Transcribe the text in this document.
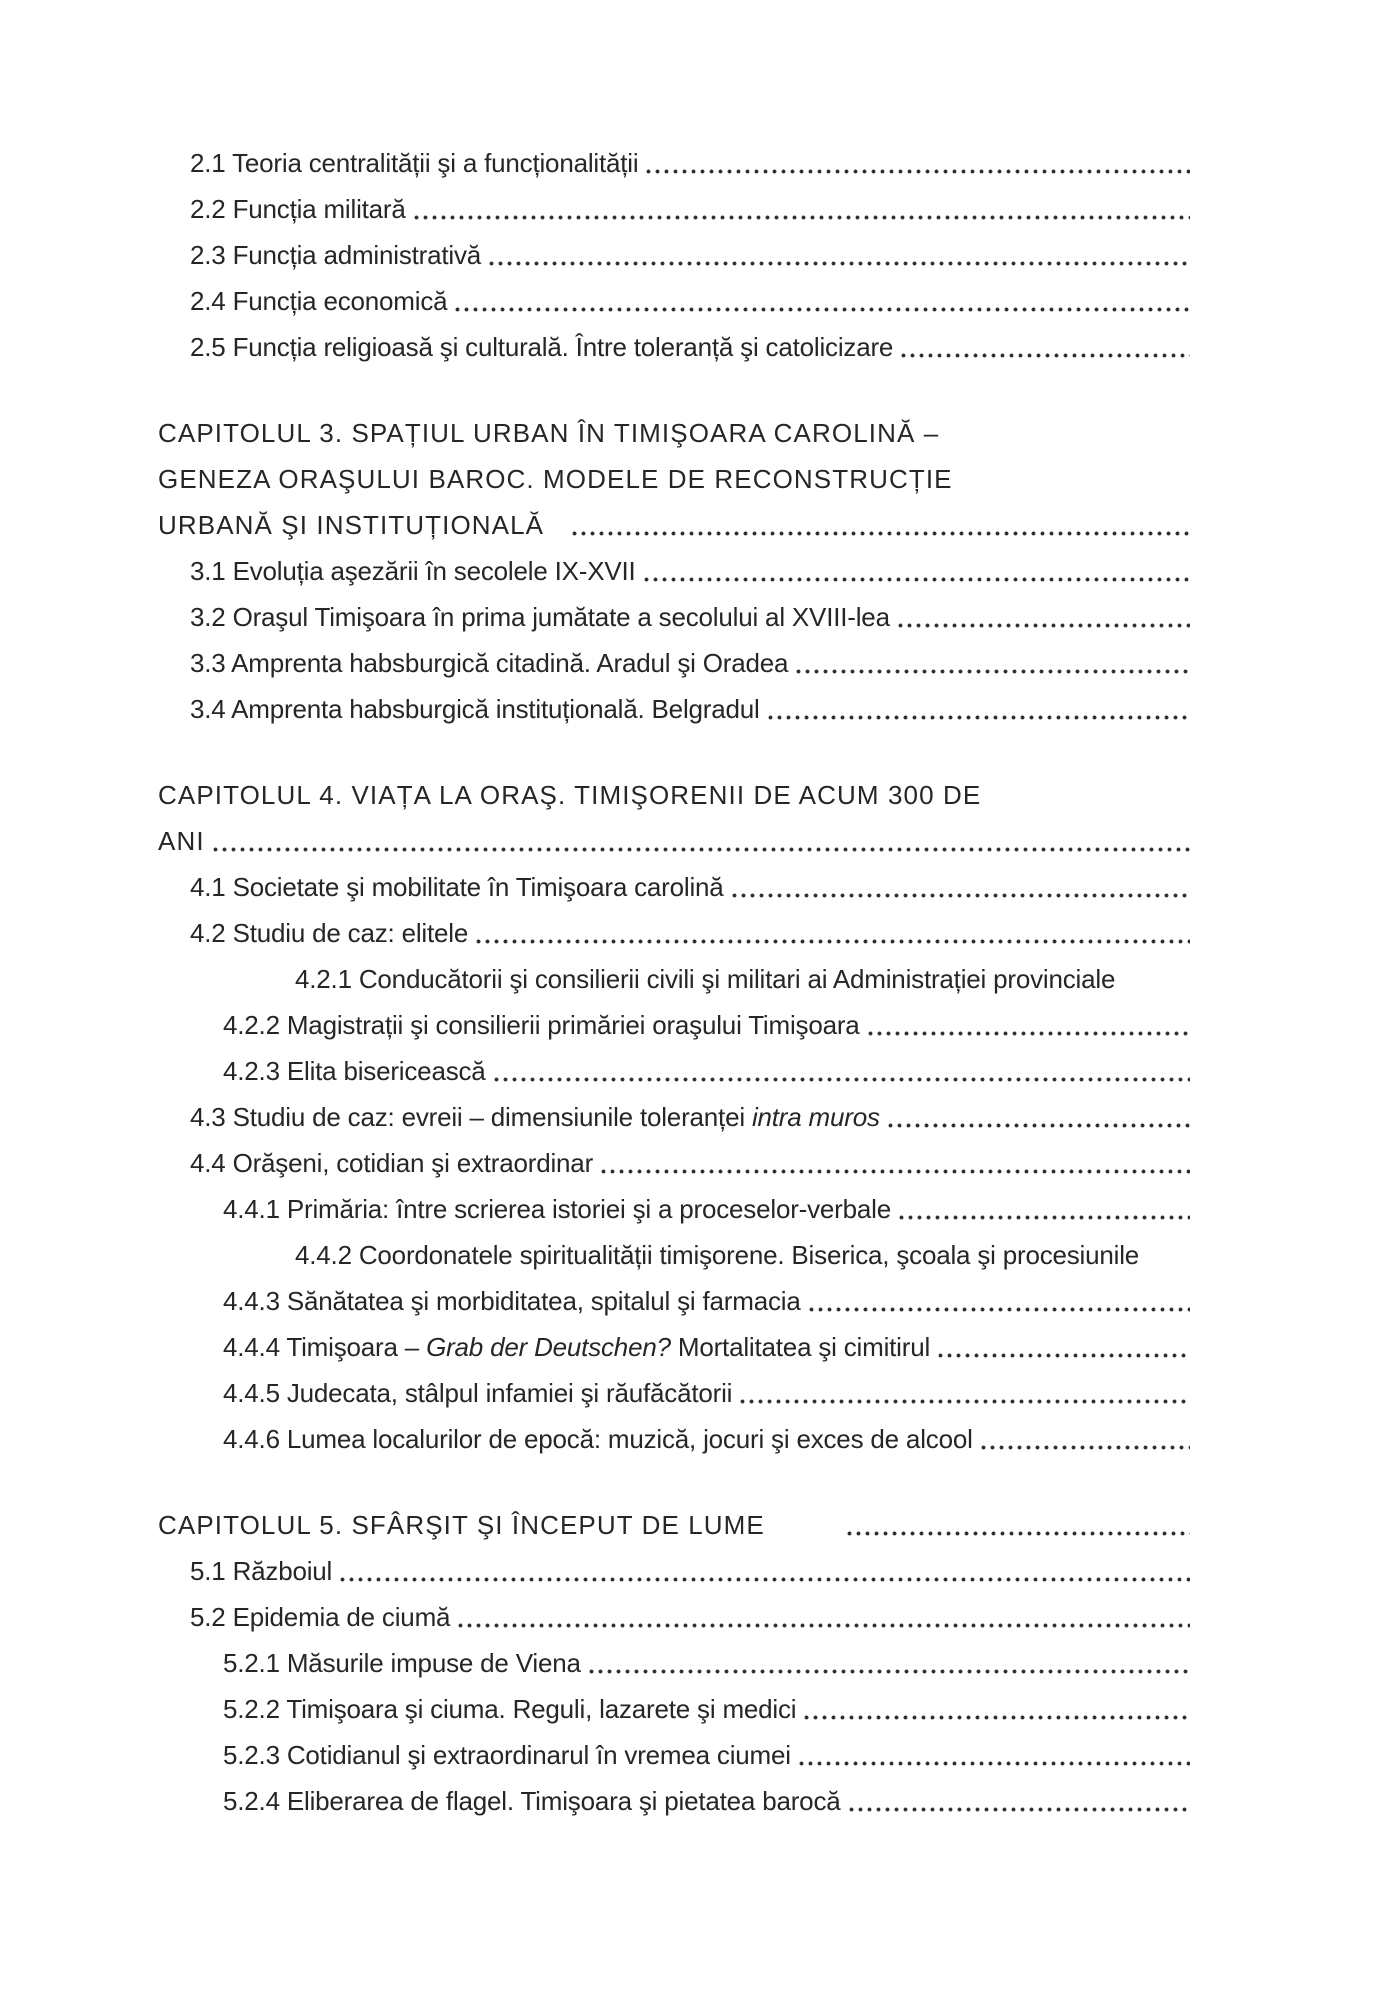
2.1 Teoria centralității şi a funcționalității
2.2 Funcția militară
2.3 Funcția administrativă
2.4 Funcția economică
2.5 Funcția religioasă şi culturală. Între toleranță şi catolicizare
CAPITOLUL 3. SPAȚIUL URBAN ÎN TIMIŞOARA CAROLINĂ –
GENEZA ORAŞULUI BAROC. MODELE DE RECONSTRUCȚIE
URBANĂ ŞI INSTITUȚIONALĂ
3.1 Evoluția aşezării în secolele IX-XVII
3.2 Oraşul Timişoara în prima jumătate a secolului al XVIII-lea
3.3 Amprenta habsburgică citadină. Aradul şi Oradea
3.4 Amprenta habsburgică instituțională. Belgradul
CAPITOLUL 4. VIAȚA LA ORAŞ. TIMIŞORENII DE ACUM 300 DE
ANI
4.1 Societate şi mobilitate în Timişoara carolină
4.2 Studiu de caz: elitele
4.2.1 Conducătorii şi consilierii civili şi militari ai Administrației provinciale
4.2.2 Magistrații şi consilierii primăriei oraşului Timişoara
4.2.3 Elita bisericească
4.3 Studiu de caz: evreii – dimensiunile toleranței intra muros
4.4 Orăşeni, cotidian şi extraordinar
4.4.1 Primăria: între scrierea istoriei şi a proceselor-verbale
4.4.2 Coordonatele spiritualității timişorene. Biserica, şcoala şi procesiunile
4.4.3 Sănătatea şi morbiditatea, spitalul şi farmacia
4.4.4 Timişoara – Grab der Deutschen? Mortalitatea şi cimitirul
4.4.5 Judecata, stâlpul infamiei şi răufăcătorii
4.4.6 Lumea localurilor de epocă: muzică, jocuri şi exces de alcool
CAPITOLUL 5. SFÂRŞIT ŞI ÎNCEPUT DE LUME
5.1 Războiul
5.2 Epidemia de ciumă
5.2.1 Măsurile impuse de Viena
5.2.2 Timişoara şi ciuma. Reguli, lazarete şi medici
5.2.3 Cotidianul şi extraordinarul în vremea ciumei
5.2.4 Eliberarea de flagel. Timişoara şi pietatea barocă
